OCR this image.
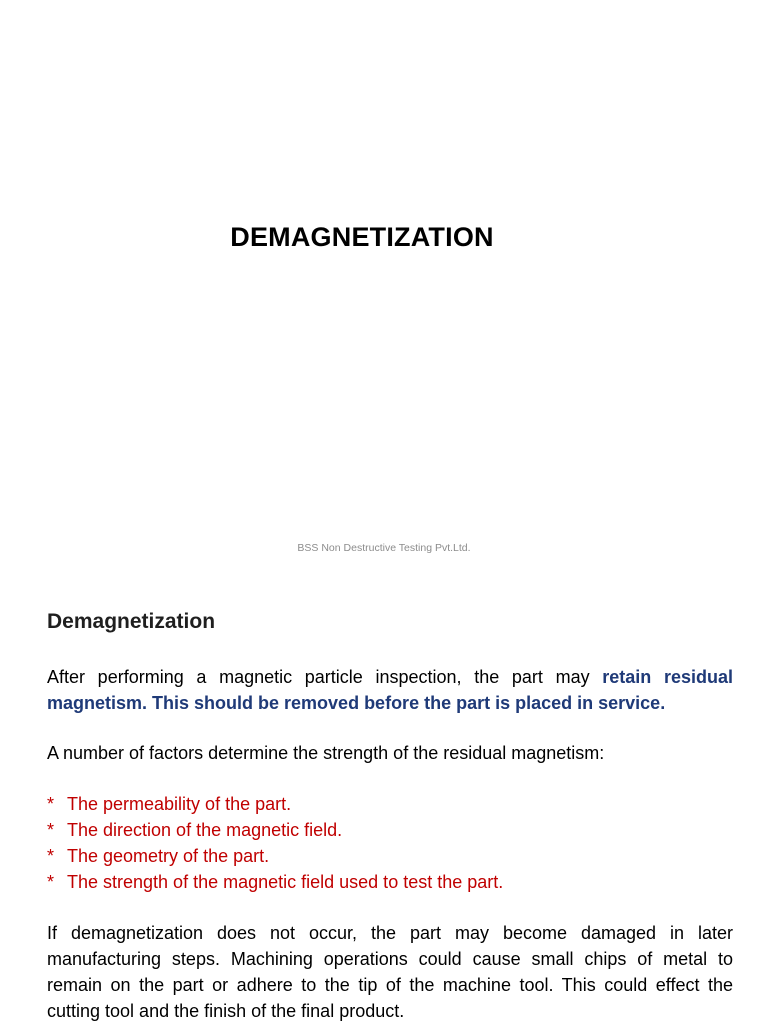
DEMAGNETIZATION
BSS Non Destructive Testing Pvt.Ltd.
Demagnetization

After performing a magnetic particle inspection, the part may retain residual magnetism. This should be removed before the part is placed in service.

A number of factors determine the strength of the residual magnetism:

* The permeability of the part.
* The direction of the magnetic field.
* The geometry of the part.
* The strength of the magnetic field used to test the part.

If demagnetization does not occur, the part may become damaged in later manufacturing steps. Machining operations could cause small chips of metal to remain on the part or adhere to the tip of the machine tool. This could effect the cutting tool and the finish of the final product.
